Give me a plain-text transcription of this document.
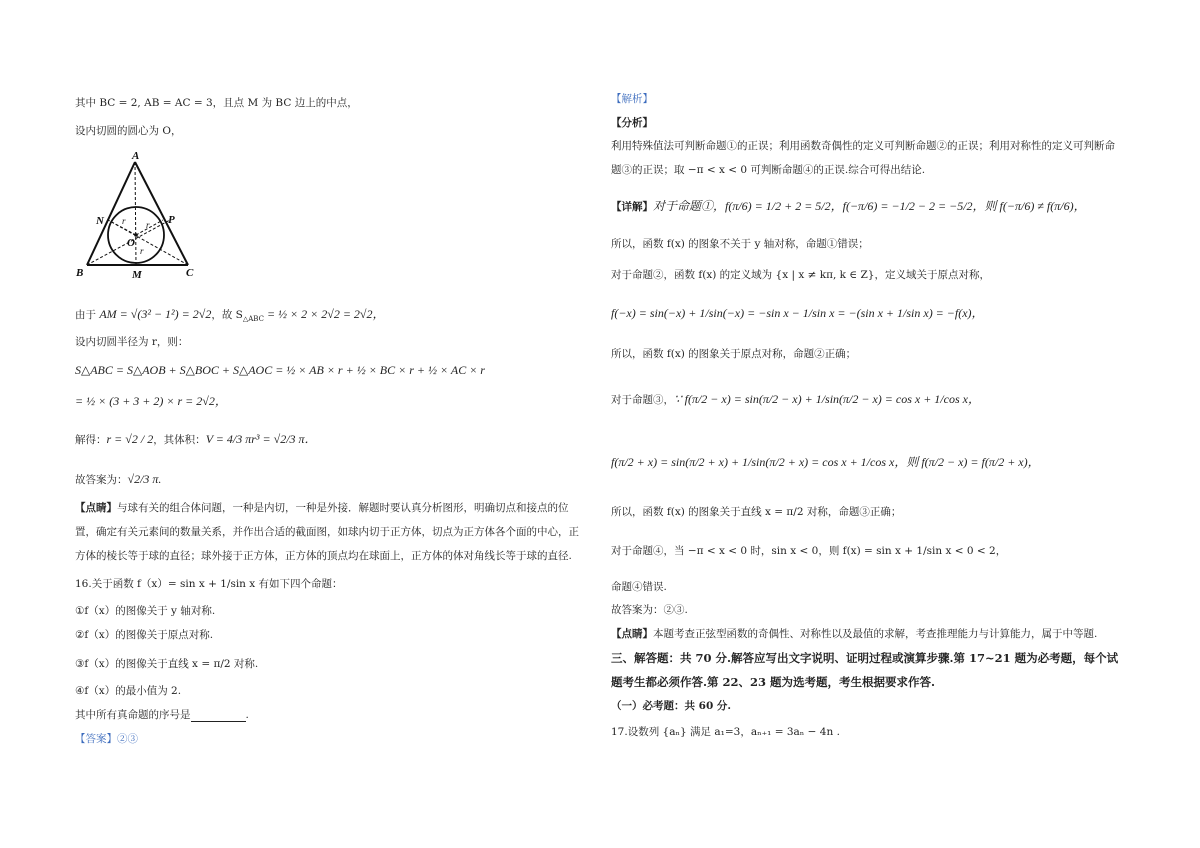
其中 BC = 2, AB = AC = 3，且点 M 为 BC 边上的中点，
设内切圆的圆心为 O，
A
B	C
N	P
O
M
r r
r
由于 AM = √(3² − 1²) = 2√2，故 $S_{\triangle ABC}$ = ½ × 2 × 2√2 = 2√2，
设内切圆半径为 r，则：
S△ABC = S△AOB + S△BOC + S△AOC = ½ × AB × r + ½ × BC × r + ½ × AC × r
= ½ × (3 + 3 + 2) × r = 2√2，
解得：r = √2 / 2，其体积：V = 4/3 πr³ = √2/3 π．
故答案为：√2/3 π.
【点睛】与球有关的组合体问题，一种是内切，一种是外接．解题时要认真分析图形，明确切点和接点的位
置，确定有关元素间的数量关系，并作出合适的截面图，如球内切于正方体，切点为正方体各个面的中心，正
方体的棱长等于球的直径；球外接于正方体，正方体的顶点均在球面上，正方体的体对角线长等于球的直径.
16.关于函数 f（x）= sin x + 1/sin x 有如下四个命题：
①f（x）的图像关于 y 轴对称.
②f（x）的图像关于原点对称.
③f（x）的图像关于直线 x = π/2 对称.
④f（x）的最小值为 2.
其中所有真命题的序号是	.
【答案】②③
【解析】
【分析】
利用特殊值法可判断命题①的正误；利用函数奇偶性的定义可判断命题②的正误；利用对称性的定义可判断命
题③的正误；取 −π < x < 0 可判断命题④的正误.综合可得出结论.
【详解】对于命题①，f(π/6) = 1/2 + 2 = 5/2，f(−π/6) = −1/2 − 2 = −5/2，则 f(−π/6) ≠ f(π/6)，
所以，函数 f(x) 的图象不关于 y 轴对称，命题①错误；
对于命题②，函数 f(x) 的定义域为 {x | x ≠ kπ, k ∈ Z}，定义域关于原点对称，
f(−x) = sin(−x) + 1/sin(−x) = −sin x − 1/sin x = −(sin x + 1/sin x) = −f(x)，
所以，函数 f(x) 的图象关于原点对称，命题②正确；
对于命题③，∵ f(π/2 − x) = sin(π/2 − x) + 1/sin(π/2 − x) = cos x + 1/cos x，
f(π/2 + x) = sin(π/2 + x) + 1/sin(π/2 + x) = cos x + 1/cos x，则 f(π/2 − x) = f(π/2 + x)，
所以，函数 f(x) 的图象关于直线 x = π/2 对称，命题③正确；
对于命题④，当 −π < x < 0 时，sin x < 0，则 f(x) = sin x + 1/sin x < 0 < 2，
命题④错误.
故答案为：②③.
【点睛】本题考查正弦型函数的奇偶性、对称性以及最值的求解，考查推理能力与计算能力，属于中等题.
三、解答题：共 70 分.解答应写出文字说明、证明过程或演算步骤.第 17~21 题为必考题，每个试
题考生都必须作答.第 22、23 题为选考题，考生根据要求作答.
（一）必考题：共 60 分.
17.设数列 {aₙ} 满足 a₁=3，aₙ₊₁ = 3aₙ − 4n .
